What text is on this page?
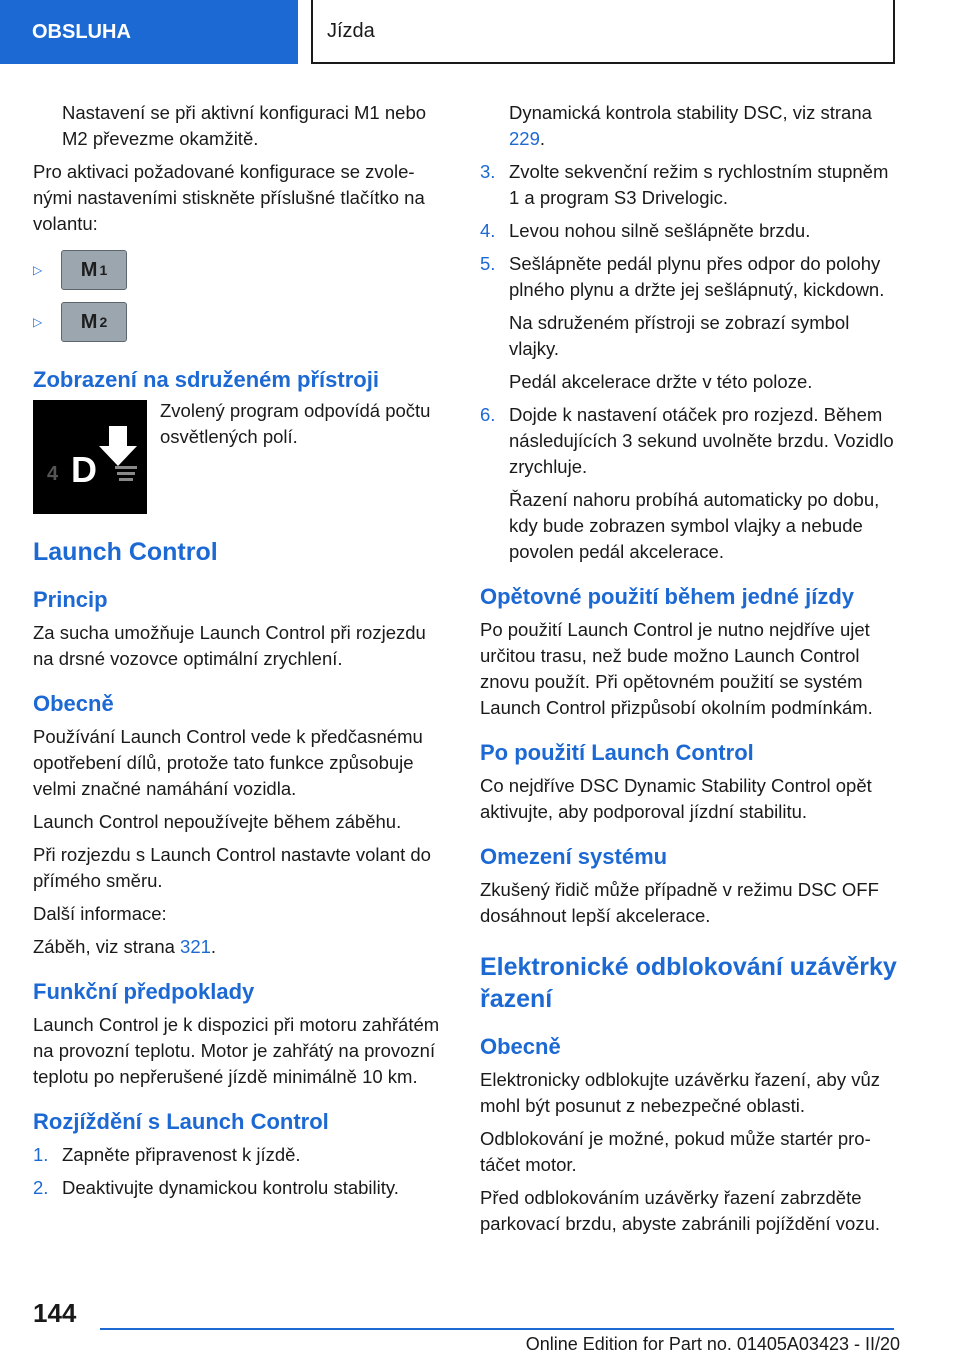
OBSLUHA	Jízda

Nastavení se při aktivní konfiguraci M1 nebo M2 převezme okamžitě.

Pro aktivaci požadované konfigurace se zvolenými nastaveními stiskněte příslušné tlačítko na volantu:

▷	M 1
▷	M 2
Zobrazení na sdruženém přístroji
4 D
Zvolený program odpovídá počtu osvětlených polí.
Launch Control
Princip

Za sucha umožňuje Launch Control při rozjezdu na drsné vozovce optimální zrychlení.

Obecně

Používání Launch Control vede k předčasnému opotřebení dílů, protože tato funkce způsobuje velmi značné namáhání vozidla.

Launch Control nepoužívejte během záběhu.

Při rozjezdu s Launch Control nastavte volant do přímého směru.

Další informace:

Záběh, viz strana 321.

Funkční předpoklady

Launch Control je k dispozici při motoru zahřátém na provozní teplotu. Motor je zahřátý na provozní teplotu po nepřerušené jízdě minimálně 10 km.

Rozjíždění s Launch Control
1. Zapněte připravenost k jízdě.
2. Deaktivujte dynamickou kontrolu stability.

Dynamická kontrola stability DSC, viz strana 229.

3. Zvolte sekvenční režim s rychlostním stupněm 1 a program S3 Drivelogic.
4. Levou nohou silně sešlápněte brzdu.
5. Sešlápněte pedál plynu přes odpor do polohy plného plynu a držte jej sešlápnutý, kickdown.

Na sdruženém přístroji se zobrazí symbol vlajky.

Pedál akcelerace držte v této poloze.

6. Dojde k nastavení otáček pro rozjezd. Během následujících 3 sekund uvolněte brzdu. Vozidlo zrychluje.

Řazení nahoru probíhá automaticky po dobu, kdy bude zobrazen symbol vlajky a nebude povolen pedál akcelerace.

Opětovné použití během jedné jízdy

Po použití Launch Control je nutno nejdříve ujet určitou trasu, než bude možno Launch Control znovu použít. Při opětovném použití se systém Launch Control přizpůsobí okolním podmínkám.

Po použití Launch Control

Co nejdříve DSC Dynamic Stability Control opět aktivujte, aby podporoval jízdní stabilitu.

Omezení systému

Zkušený řidič může případně v režimu DSC OFF dosáhnout lepší akcelerace.

Elektronické odblokování uzávěrky řazení
Obecně

Elektronicky odblokujte uzávěrku řazení, aby vůz mohl být posunut z nebezpečné oblasti.

Odblokování je možné, pokud může startér protáčet motor.

Před odblokováním uzávěrky řazení zabrzděte parkovací brzdu, abyste zabránili pojíždění vozu.

144
Online Edition for Part no. 01405A03423 - II/20
